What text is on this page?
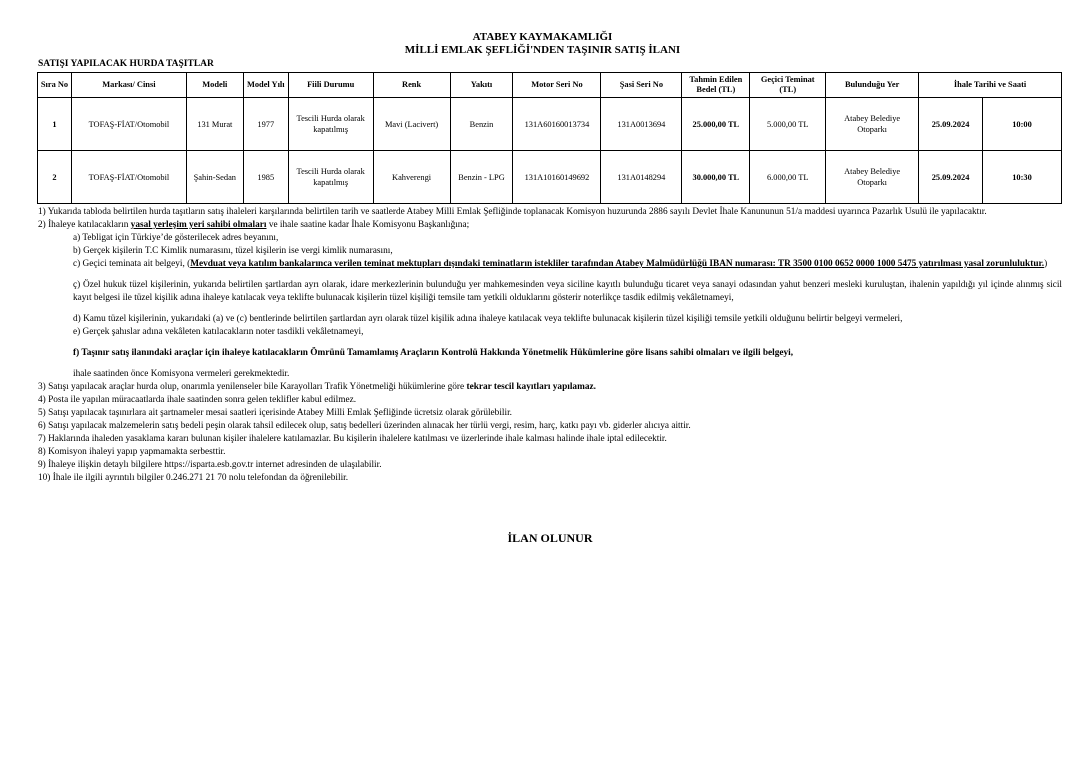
ATABEY KAYMAKAMLIĞI
MİLLİ EMLAK ŞEFLİĞİ'NDEN TAŞINIR SATIŞ İLANI
SATIŞI YAPILACAK HURDA TAŞITLAR
Sıra No	Markası/ Cinsi	Modeli	Model Yılı	Fiili Durumu	Renk	Yakıtı	Motor Seri No	Şasi Seri No	Tahmin Edilen Bedel (TL)	Geçici Teminat (TL)	Bulunduğu Yer	İhale Tarihi ve Saati	
1	TOFAŞ-FİAT/Otomobil	131 Murat	1977	Tescili Hurda olarak kapatılmış	Mavi (Lacivert)	Benzin	131A60160013734	131A0013694	25.000,00 TL	5.000,00 TL	Atabey Belediye Otoparkı	25.09.2024	10:00
2	TOFAŞ-FİAT/Otomobil	Şahin-Sedan	1985	Tescili Hurda olarak kapatılmış	Kahverengi	Benzin - LPG	131A10160149692	131A0148294	30.000,00 TL	6.000,00 TL	Atabey Belediye Otoparkı	25.09.2024	10:30

1) Yukarıda tabloda belirtilen hurda taşıtların satış ihaleleri karşılarında belirtilen tarih ve saatlerde Atabey Milli Emlak Şefliğinde toplanacak Komisyon huzurunda 2886 sayılı Devlet İhale Kanununun 51/a maddesi uyarınca Pazarlık Usulü ile yapılacaktır.

2) İhaleye katılacakların yasal yerleşim yeri sahibi olmaları ve ihale saatine kadar İhale Komisyonu Başkanlığına;

a) Tebligat için Türkiye’de gösterilecek adres beyanını,

b) Gerçek kişilerin T.C Kimlik numarasını, tüzel kişilerin ise vergi kimlik numarasını,

c) Geçici teminata ait belgeyi, (Mevduat veya katılım bankalarınca verilen teminat mektupları dışındaki teminatların istekliler tarafından Atabey Malmüdürlüğü IBAN numarası: TR 3500 0100 0652 0000 1000 5475 yatırılması yasal zorunluluktur.)

ç) Özel hukuk tüzel kişilerinin, yukarıda belirtilen şartlardan ayrı olarak, idare merkezlerinin bulunduğu yer mahkemesinden veya siciline kayıtlı bulunduğu ticaret veya sanayi odasından yahut benzeri mesleki kuruluştan, ihalenin yapıldığı yıl içinde alınmış sicil kayıt belgesi ile tüzel kişilik adına ihaleye katılacak veya teklifte bulunacak kişilerin tüzel kişiliği temsile tam yetkili olduklarını gösterir noterlikçe tasdik edilmiş vekâletnameyi,

d) Kamu tüzel kişilerinin, yukarıdaki (a) ve (c) bentlerinde belirtilen şartlardan ayrı olarak tüzel kişilik adına ihaleye katılacak veya teklifte bulunacak kişilerin tüzel kişiliği temsile yetkili olduğunu belirtir belgeyi vermeleri,

e) Gerçek şahıslar adına vekâleten katılacakların noter tasdikli vekâletnameyi,

f) Taşınır satış ilanındaki araçlar için ihaleye katılacakların Ömrünü Tamamlamış Araçların Kontrolü Hakkında Yönetmelik Hükümlerine göre lisans sahibi olmaları ve ilgili belgeyi,

ihale saatinden önce Komisyona vermeleri gerekmektedir.

3) Satışı yapılacak araçlar hurda olup, onarımla yenilenseler bile Karayolları Trafik Yönetmeliği hükümlerine göre tekrar tescil kayıtları yapılamaz.

4) Posta ile yapılan müracaatlarda ihale saatinden sonra gelen teklifler kabul edilmez.

5) Satışı yapılacak taşınırlara ait şartnameler mesai saatleri içerisinde Atabey Milli Emlak Şefliğinde ücretsiz olarak görülebilir.

6) Satışı yapılacak malzemelerin satış bedeli peşin olarak tahsil edilecek olup, satış bedelleri üzerinden alınacak her türlü vergi, resim, harç, katkı payı vb. giderler alıcıya aittir.

7) Haklarında ihaleden yasaklama kararı bulunan kişiler ihalelere katılamazlar. Bu kişilerin ihalelere katılması ve üzerlerinde ihale kalması halinde ihale iptal edilecektir.

8) Komisyon ihaleyi yapıp yapmamakta serbesttir.

9) İhaleye ilişkin detaylı bilgilere https://isparta.esb.gov.tr internet adresinden de ulaşılabilir.

10) İhale ile ilgili ayrıntılı bilgiler 0.246.271 21 70 nolu telefondan da öğrenilebilir.

İLAN OLUNUR
